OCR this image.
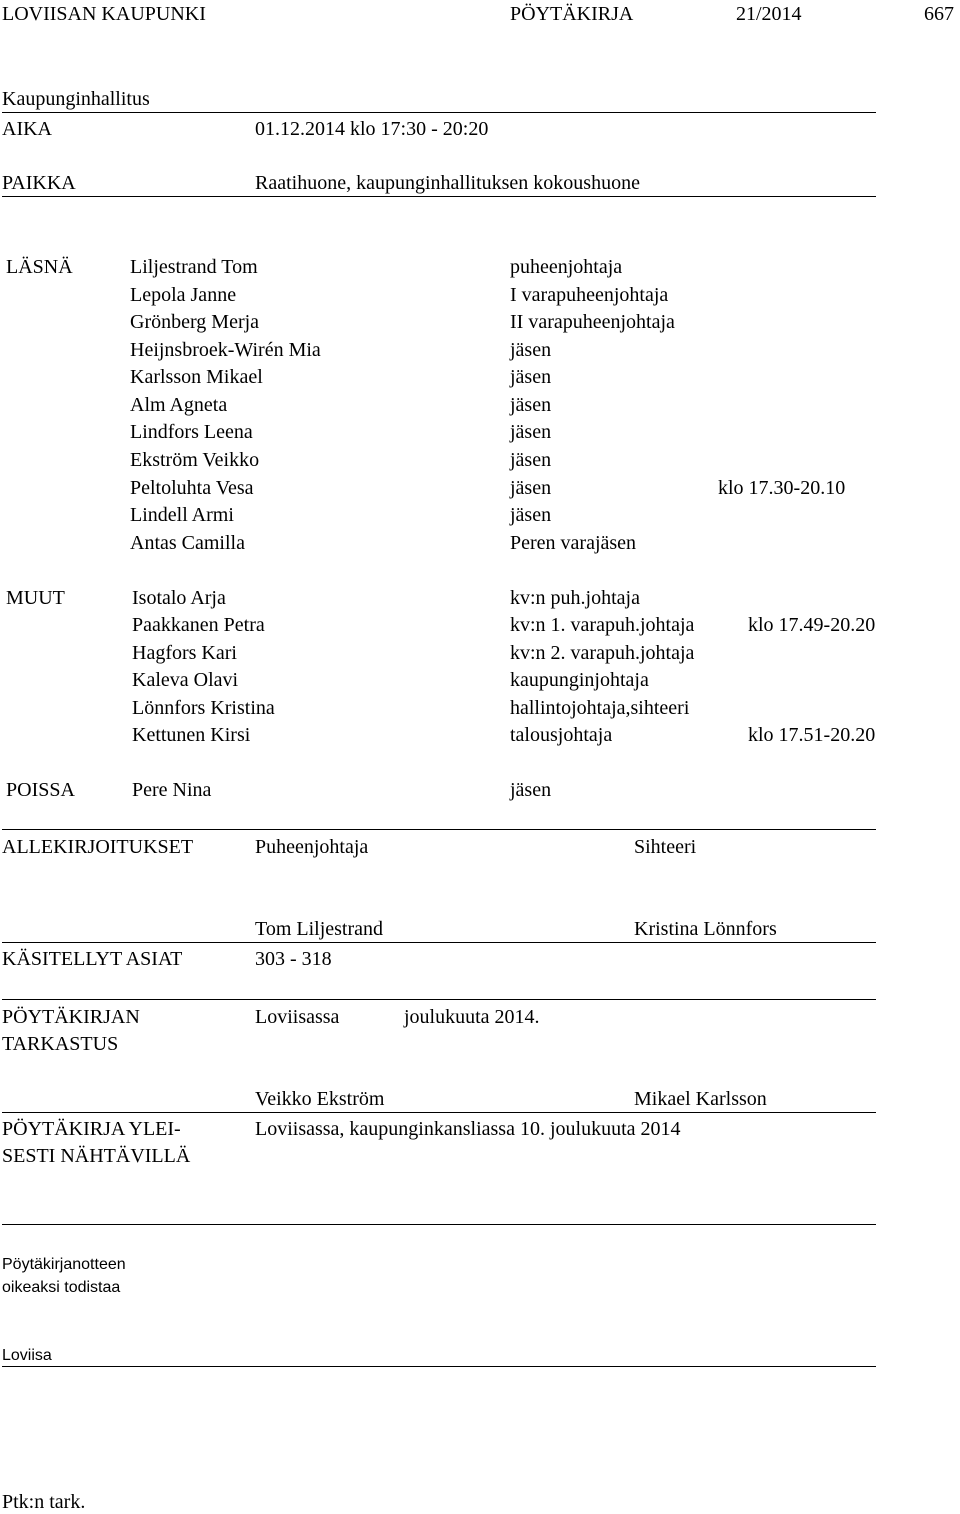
LOVIISAN KAUPUNKI	PÖYTÄKIRJA	21/2014	667
Kaupunginhallitus
AIKA	01.12.2014 klo 17:30 - 20:20
PAIKKA	Raatihuone, kaupunginhallituksen kokoushuone
LÄSNÄ	Liljestrand Tom	puheenjohtaja
Lepola Janne	I varapuheenjohtaja
Grönberg Merja	II varapuheenjohtaja
Heijnsbroek-Wirén Mia	jäsen
Karlsson Mikael	jäsen
Alm Agneta	jäsen
Lindfors Leena	jäsen
Ekström Veikko	jäsen
Peltoluhta Vesa	jäsen	klo 17.30-20.10
Lindell Armi	jäsen
Antas Camilla	Peren varajäsen
MUUT	Isotalo Arja	kv:n puh.johtaja
Paakkanen Petra	kv:n 1. varapuh.johtaja	klo 17.49-20.20
Hagfors Kari	kv:n 2. varapuh.johtaja
Kaleva Olavi	kaupunginjohtaja
Lönnfors Kristina	hallintojohtaja,sihteeri
Kettunen Kirsi	talousjohtaja	klo 17.51-20.20
POISSA	Pere Nina	jäsen
ALLEKIRJOITUKSET	Puheenjohtaja	Sihteeri
Tom Liljestrand	Kristina Lönnfors
KÄSITELLYT ASIAT	303 - 318
PÖYTÄKIRJAN
TARKASTUS
Loviisassa	joulukuuta 2014.
Veikko Ekström	Mikael Karlsson
PÖYTÄKIRJA YLEI-
SESTI NÄHTÄVILLÄ
Loviisassa, kaupunginkansliassa 10. joulukuuta 2014
Pöytäkirjanotteen
oikeaksi todistaa
Loviisa
Ptk:n tark.
